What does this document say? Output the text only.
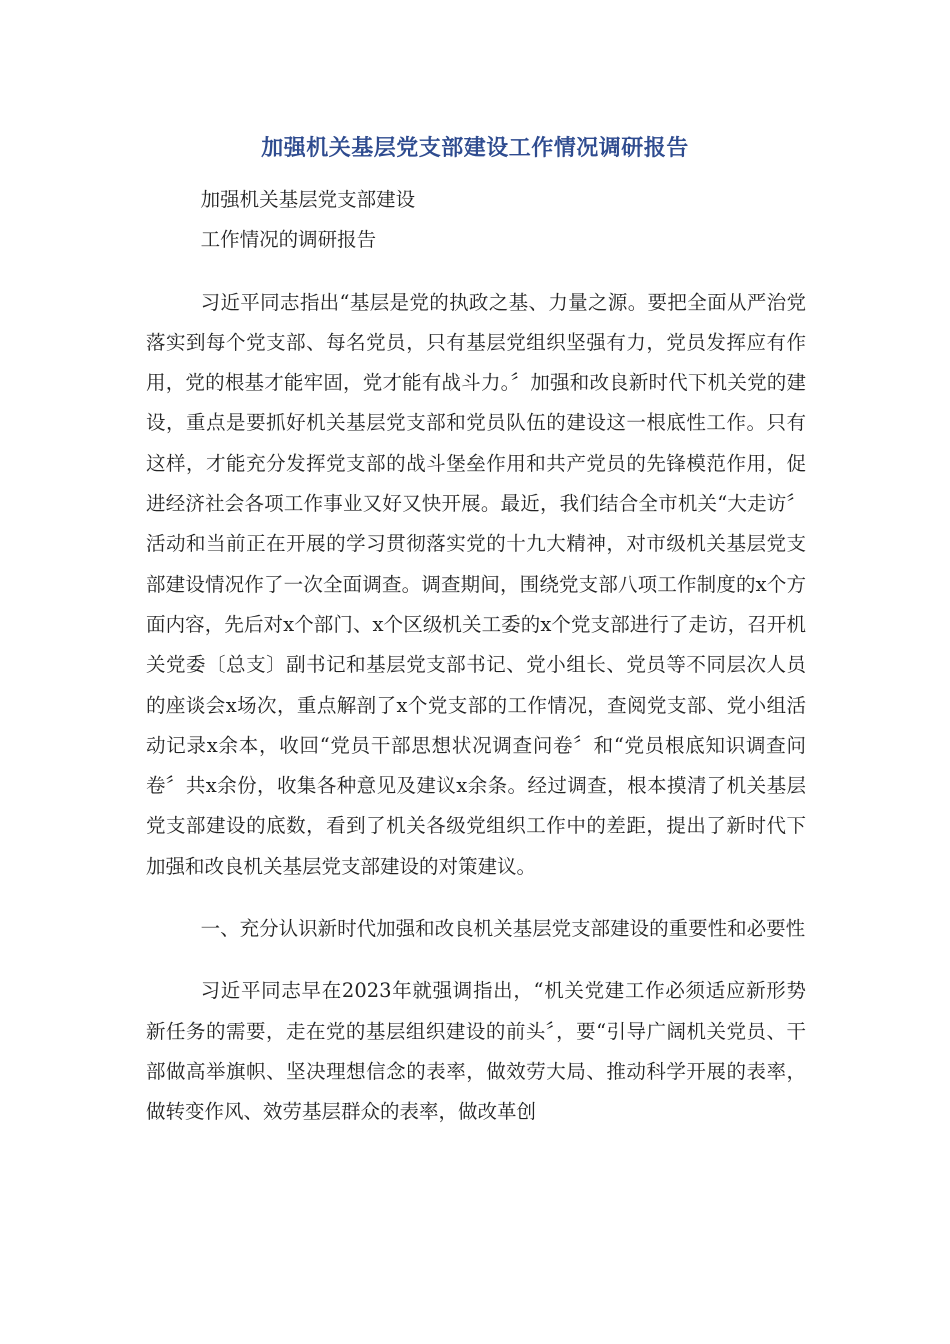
加强机关基层党支部建设工作情况调研报告

加强机关基层党支部建设

工作情况的调研报告

习近平同志指出“基层是党的执政之基、力量之源。要把全面从严治党落实到每个党支部、每名党员，只有基层党组织坚强有力，党员发挥应有作用，党的根基才能牢固，党才能有战斗力。〞加强和改良新时代下机关党的建设，重点是要抓好机关基层党支部和党员队伍的建设这一根底性工作。只有这样，才能充分发挥党支部的战斗堡垒作用和共产党员的先锋模范作用，促进经济社会各项工作事业又好又快开展。最近，我们结合全市机关“大走访〞活动和当前正在开展的学习贯彻落实党的十九大精神，对市级机关基层党支部建设情况作了一次全面调查。调查期间，围绕党支部八项工作制度的x个方面内容，先后对x个部门、x个区级机关工委的x个党支部进行了走访，召开机关党委〔总支〕副书记和基层党支部书记、党小组长、党员等不同层次人员的座谈会x场次，重点解剖了x个党支部的工作情况，查阅党支部、党小组活动记录x余本，收回“党员干部思想状况调查问卷〞和“党员根底知识调查问卷〞共x余份，收集各种意见及建议x余条。经过调查，根本摸清了机关基层党支部建设的底数，看到了机关各级党组织工作中的差距，提出了新时代下加强和改良机关基层党支部建设的对策建议。

一、充分认识新时代加强和改良机关基层党支部建设的重要性和必要性

习近平同志早在2023年就强调指出，“机关党建工作必须适应新形势新任务的需要，走在党的基层组织建设的前头〞，要“引导广阔机关党员、干部做高举旗帜、坚决理想信念的表率，做效劳大局、推动科学开展的表率，做转变作风、效劳基层群众的表率，做改革创
